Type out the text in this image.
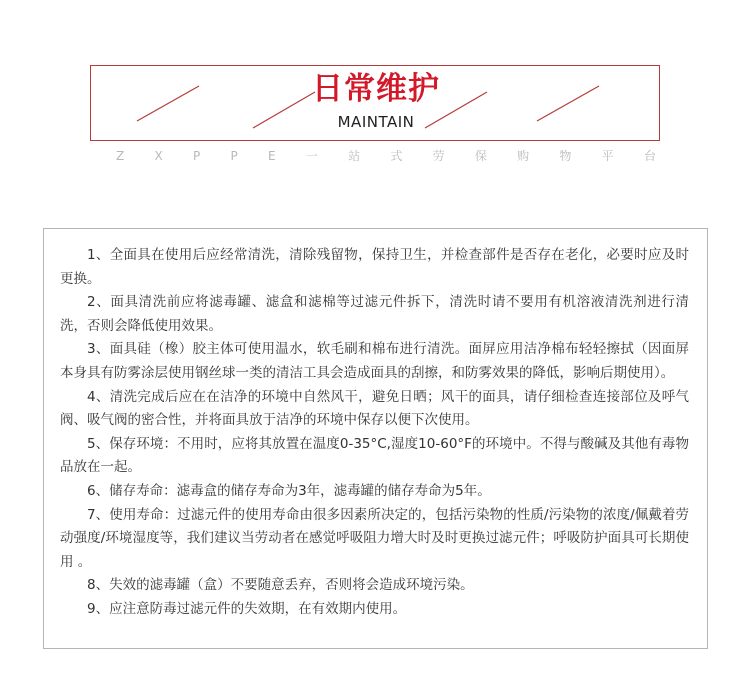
日常维护
MAINTAIN
Z	X	P	P	E	一	站	式	劳	保	购	物	平	台

1、全面具在使用后应经常清洗，清除残留物，保持卫生，并检查部件是否存在老化，必要时应及时更换。

2、面具清洗前应将滤毒罐、滤盒和滤棉等过滤元件拆下，清洗时请不要用有机溶液清洗剂进行清洗，否则会降低使用效果。

3、面具硅（橡）胶主体可使用温水，软毛刷和棉布进行清洗。面屏应用洁净棉布轻轻擦拭（因面屏本身具有防雾涂层使用钢丝球一类的清洁工具会造成面具的刮擦，和防雾效果的降低，影响后期使用）。

4、清洗完成后应在在洁净的环境中自然风干，避免日晒；风干的面具，请仔细检查连接部位及呼气阀、吸气阀的密合性，并将面具放于洁净的环境中保存以便下次使用。

5、保存环境：不用时，应将其放置在温度0-35°C,湿度10-60°F的环境中。不得与酸碱及其他有毒物品放在一起。

6、储存寿命：滤毒盒的储存寿命为3年，滤毒罐的储存寿命为5年。

7、使用寿命：过滤元件的使用寿命由很多因素所决定的，包括污染物的性质/污染物的浓度/佩戴着劳动强度/环境湿度等，我们建议当劳动者在感觉呼吸阻力增大时及时更换过滤元件；呼吸防护面具可长期使用 。

8、失效的滤毒罐（盒）不要随意丢弃，否则将会造成环境污染。

9、应注意防毒过滤元件的失效期，在有效期内使用。
